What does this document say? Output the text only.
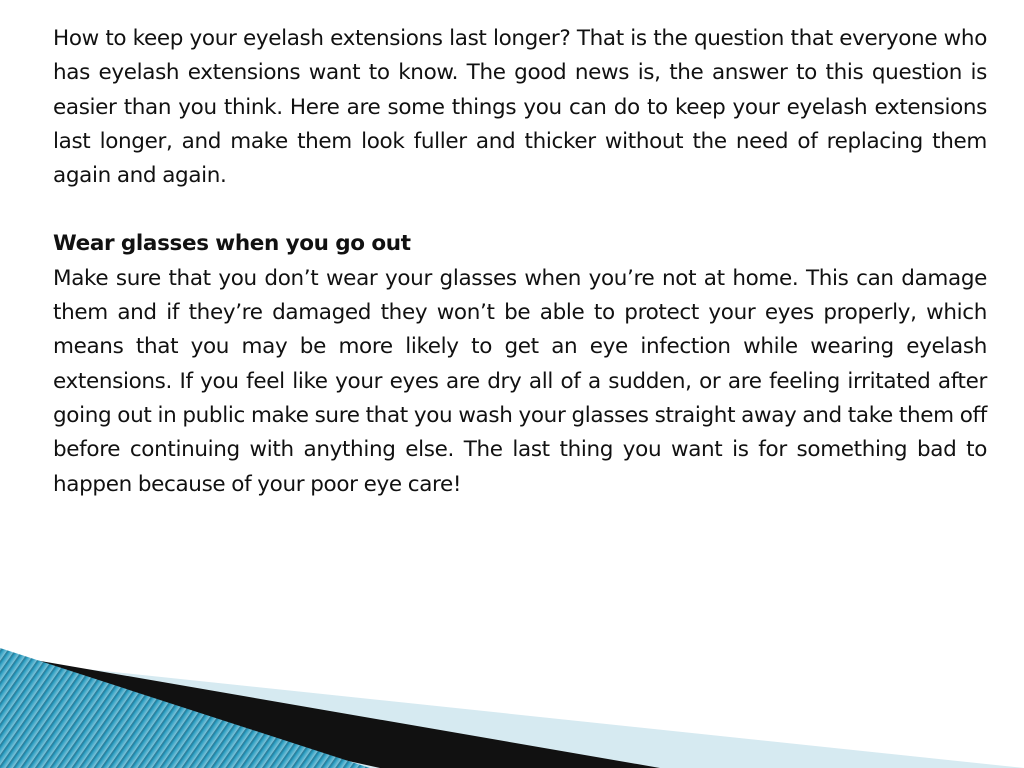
How to keep your eyelash extensions last longer? That is the question that everyone who has eyelash extensions want to know. The good news is, the answer to this question is easier than you think. Here are some things you can do to keep your eyelash extensions last longer, and make them look fuller and thicker without the need of replacing them again and again.

Wear glasses when you go out

Make sure that you don’t wear your glasses when you’re not at home. This can damage them and if they’re damaged they won’t be able to protect your eyes properly, which means that you may be more likely to get an eye infection while wearing eyelash extensions. If you feel like your eyes are dry all of a sudden, or are feeling irritated after going out in public make sure that you wash your glasses straight away and take them off before continuing with anything else. The last thing you want is for something bad to happen because of your poor eye care!
